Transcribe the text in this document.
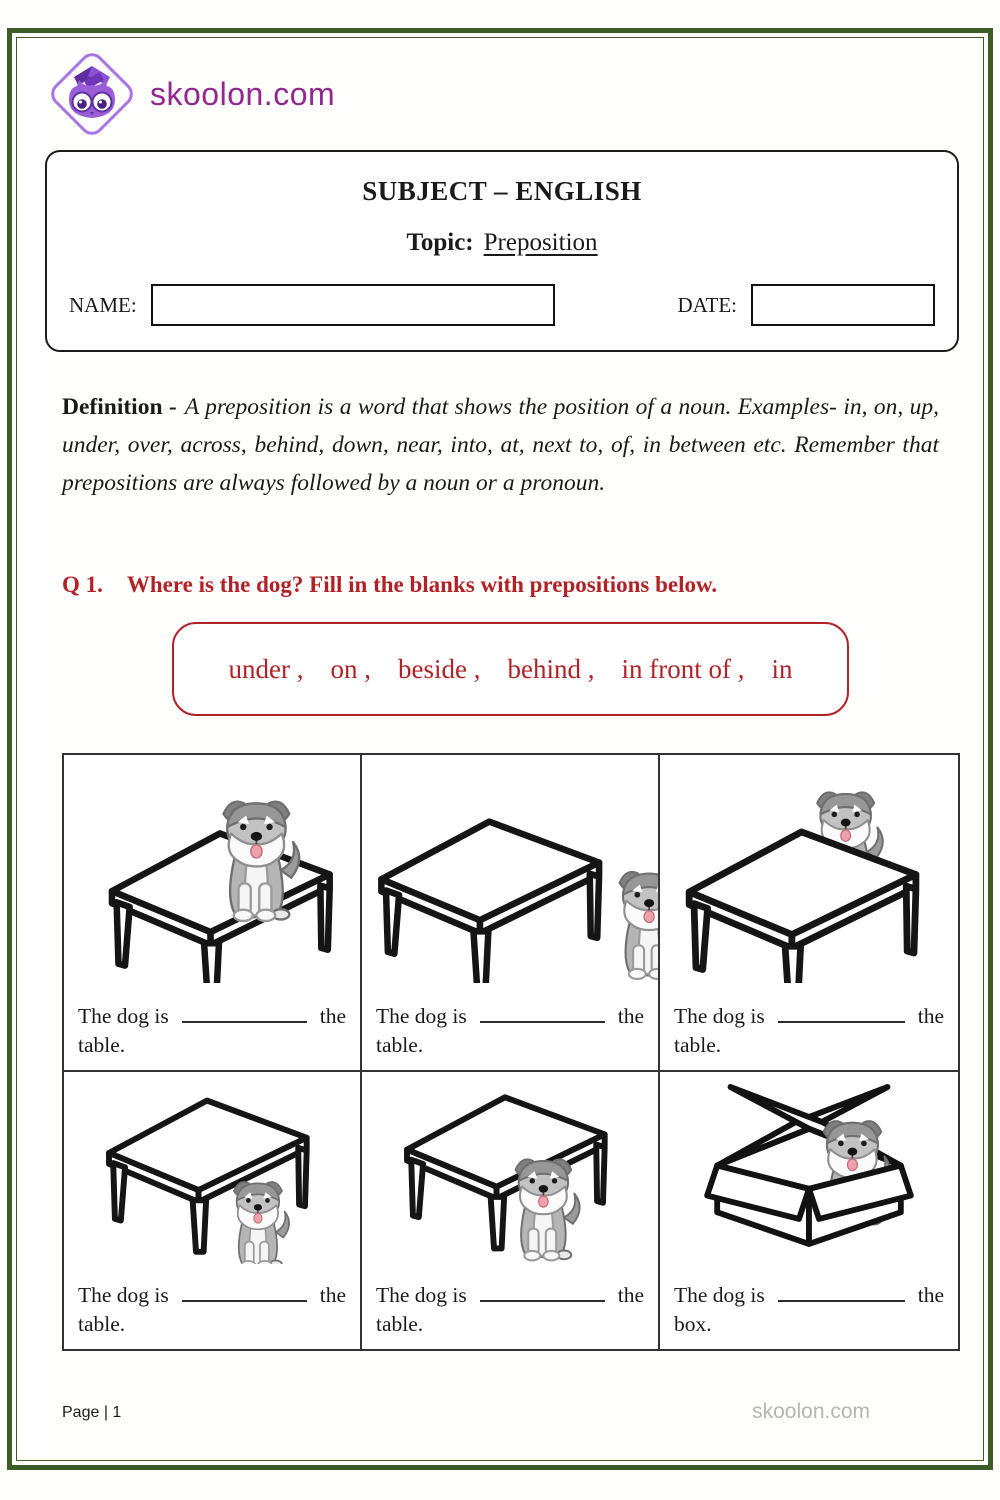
skoolon.com
SUBJECT – ENGLISH
Topic: Preposition
NAME:	DATE:
Definition - A preposition is a word that shows the position of a noun. Examples- in, on, up, under, over, across, behind, down, near, into, at, next to, of, in between etc. Remember that prepositions are always followed by a noun or a pronoun.
Q 1. Where is the dog? Fill in the blanks with prepositions below.
under ,    on ,    beside ,    behind ,    in front of ,    in
The dog is	the
table.
The dog is	the
table.
The dog is	the
table.
The dog is	the
table.
The dog is	the
table.
The dog is	the
box.
Page | 1	skoolon.com
